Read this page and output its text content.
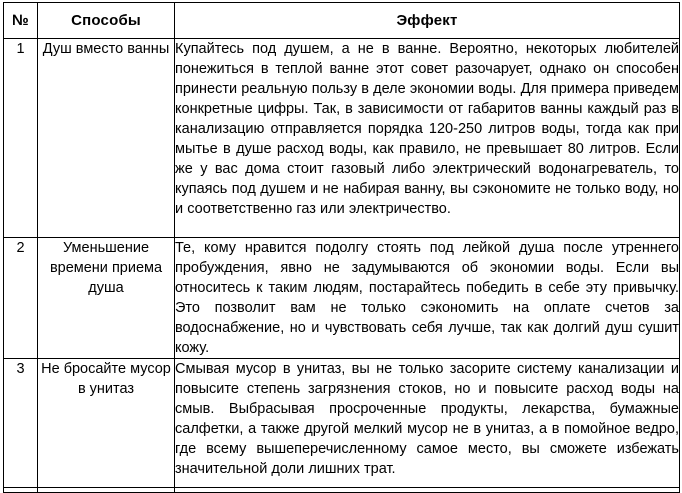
№	Способы	Эффект
1	Душ вместо ванны	Купайтесь под душем, а не в ванне. Вероятно, некоторых любителей понежиться в теплой ванне этот совет разочарует, однако он способен принести реальную пользу в деле экономии воды. Для примера приведем конкретные цифры. Так, в зависимости от габаритов ванны каждый раз в канализацию отправляется порядка 120-250 литров воды, тогда как при мытье в душе расход воды, как правило, не превышает 80 литров. Если же у вас дома стоит газовый либо электрический водонагреватель, то купаясь под душем и не набирая ванну, вы сэкономите не только воду, но и соответственно газ или электричество.
2	Уменьшение времени приема душа	Те, кому нравится подолгу стоять под лейкой душа после утреннего пробуждения, явно не задумываются об экономии воды. Если вы относитесь к таким людям, постарайтесь победить в себе эту привычку. Это позволит вам не только сэкономить на оплате счетов за водоснабжение, но и чувствовать себя лучше, так как долгий душ сушит кожу.
3	Не бросайте мусор в унитаз	Смывая мусор в унитаз, вы не только засорите систему канализации и повысите степень загрязнения стоков, но и повысите расход воды на смыв. Выбрасывая просроченные продукты, лекарства, бумажные салфетки, а также другой мелкий мусор не в унитаз, а в помойное ведро, где всему вышеперечисленному самое место, вы сможете избежать значительной доли лишних трат.
